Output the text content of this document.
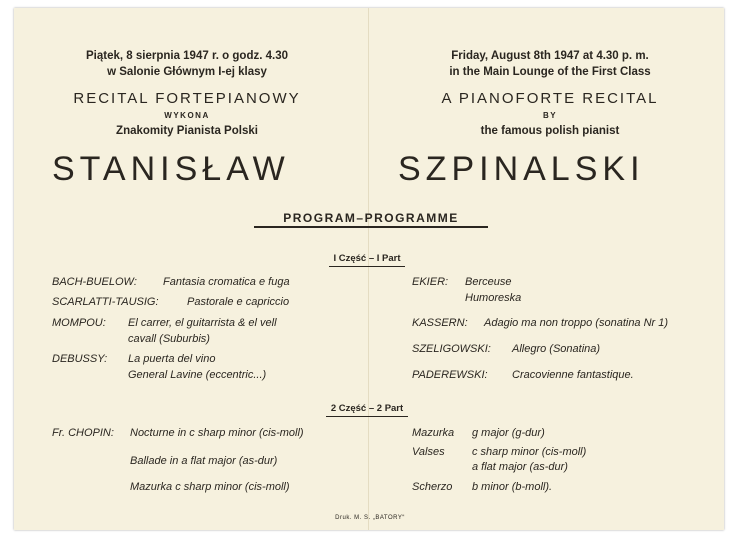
Piątek, 8 sierpnia 1947 r. o godz. 4.30
w Salonie Głównym I-ej klasy
RECITAL FORTEPIANOWY
WYKONA
Znakomity Pianista Polski
Friday, August 8th 1947 at 4.30 p. m.
in the Main Lounge of the First Class
A PIANOFORTE RECITAL
BY
the famous polish pianist
STANISŁAW	SZPINALSKI
PROGRAM–PROGRAMME
I Część – I Part
BACH-BUELOW: Fantasia cromatica e fuga
SCARLATTI-TAUSIG:	Pastorale e capriccio
MOMPOU: El carrer, el guitarrista & el vell
cavall (Suburbis)
DEBUSSY: La puerta del vino
General Lavine (eccentric...)
EKIER: Berceuse
Humoreska
KASSERN: Adagio ma non troppo (sonatina Nr 1)
SZELIGOWSKI: Allegro (Sonatina)
PADEREWSKI: Cracovienne fantastique.
2 Część – 2 Part
Fr. CHOPIN: Nocturne in c sharp minor (cis-moll)
Ballade in a flat major (as-dur)
Mazurka c sharp minor (cis-moll)
Mazurka g major (g-dur)
Valses c sharp minor (cis-moll)
a flat major (as-dur)
Scherzo b minor (b-moll).
Druk. M. S. „BATORY“
